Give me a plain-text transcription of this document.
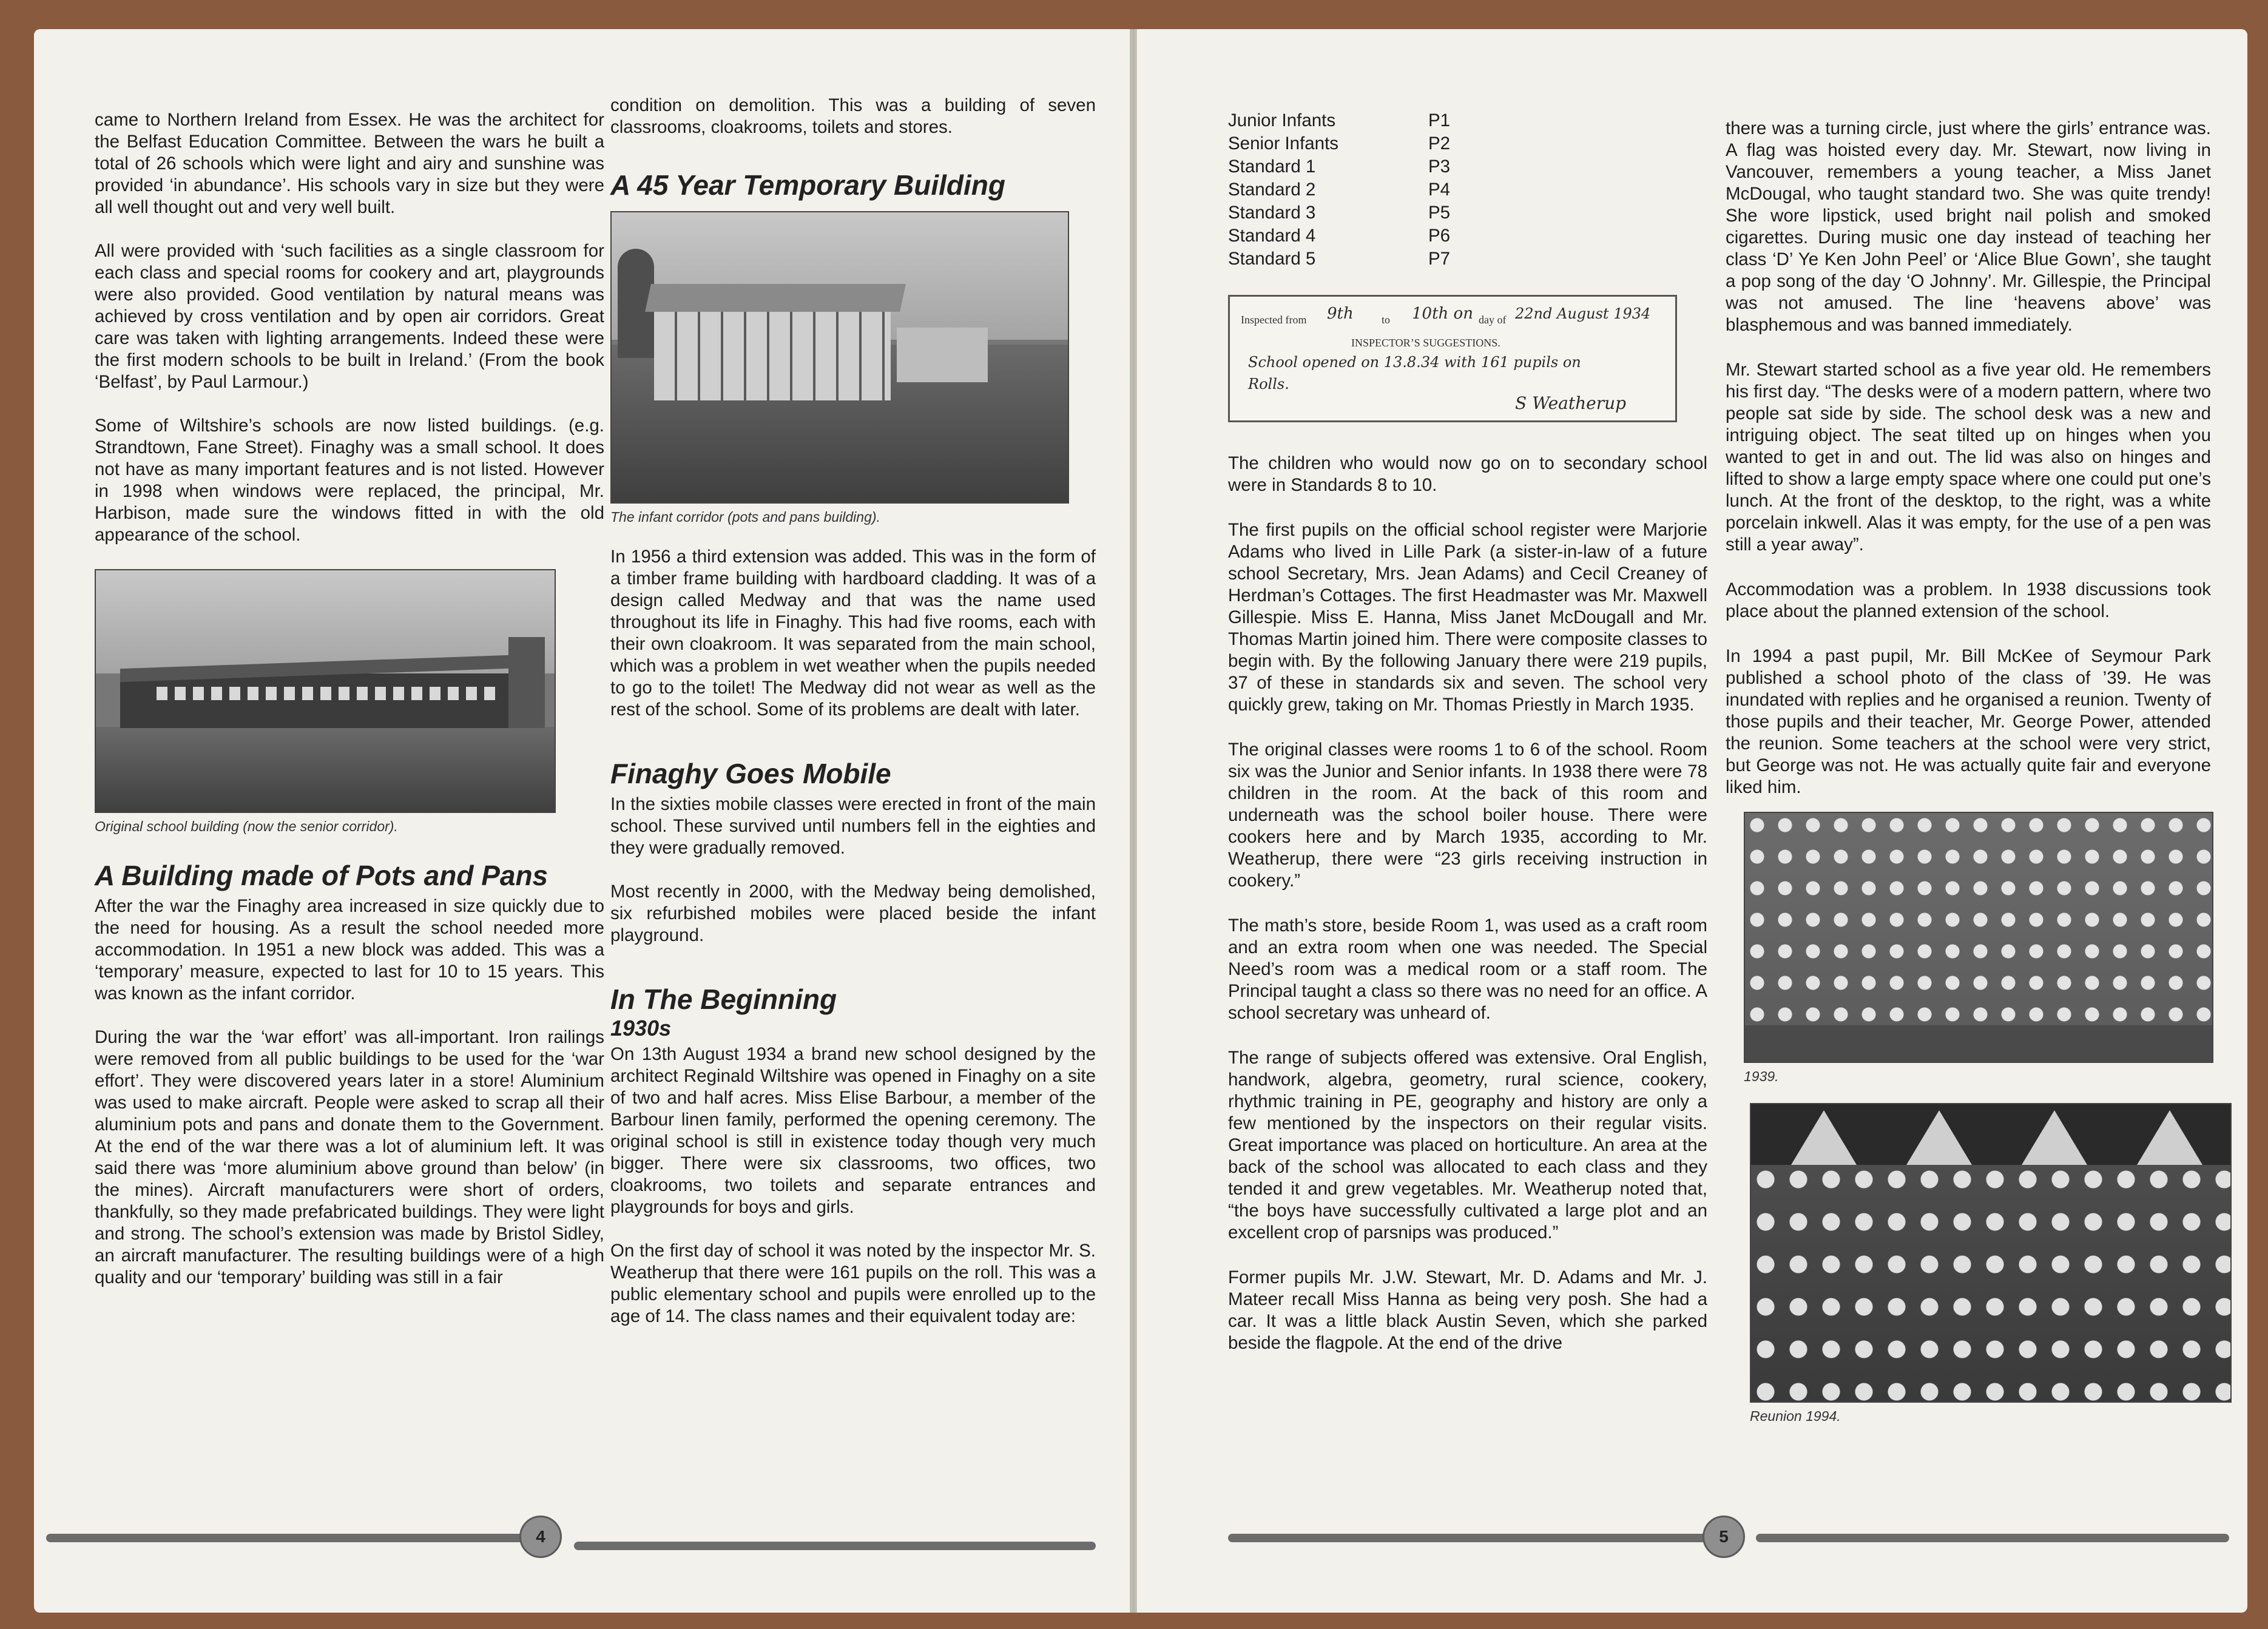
came to Northern Ireland from Essex. He was the architect for the Belfast Education Committee. Between the wars he built a total of 26 schools which were light and airy and sunshine was provided ‘in abundance’. His schools vary in size but they were all well thought out and very well built.

All were provided with ‘such facilities as a single classroom for each class and special rooms for cookery and art, playgrounds were also provided. Good ventilation by natural means was achieved by cross ventilation and by open air corridors. Great care was taken with lighting arrangements. Indeed these were the first modern schools to be built in Ireland.’ (From the book ‘Belfast’, by Paul Larmour.)

Some of Wiltshire’s schools are now listed buildings. (e.g. Strandtown, Fane Street). Finaghy was a small school. It does not have as many important features and is not listed. However in 1998 when windows were replaced, the principal, Mr. Harbison, made sure the windows fitted in with the old appearance of the school.

Original school building (now the senior corridor).
A Building made of Pots and Pans

After the war the Finaghy area increased in size quickly due to the need for housing. As a result the school needed more accommodation. In 1951 a new block was added. This was a ‘temporary’ measure, expected to last for 10 to 15 years. This was known as the infant corridor.

During the war the ‘war effort’ was all-important. Iron railings were removed from all public buildings to be used for the ‘war effort’. They were discovered years later in a store! Aluminium was used to make aircraft. People were asked to scrap all their aluminium pots and pans and donate them to the Government. At the end of the war there was a lot of aluminium left. It was said there was ‘more aluminium above ground than below’ (in the mines). Aircraft manufacturers were short of orders, thankfully, so they made prefabricated buildings. They were light and strong. The school’s extension was made by Bristol Sidley, an aircraft manufacturer. The resulting buildings were of a high quality and our ‘temporary’ building was still in a fair

condition on demolition. This was a building of seven classrooms, cloakrooms, toilets and stores.

A 45 Year Temporary Building
The infant corridor (pots and pans building).

In 1956 a third extension was added. This was in the form of a timber frame building with hardboard cladding. It was of a design called Medway and that was the name used throughout its life in Finaghy. This had five rooms, each with their own cloakroom. It was separated from the main school, which was a problem in wet weather when the pupils needed to go to the toilet! The Medway did not wear as well as the rest of the school. Some of its problems are dealt with later.

Finaghy Goes Mobile

In the sixties mobile classes were erected in front of the main school. These survived until numbers fell in the eighties and they were gradually removed.

Most recently in 2000, with the Medway being demolished, six refurbished mobiles were placed beside the infant playground.

In The Beginning
1930s

On 13th August 1934 a brand new school designed by the architect Reginald Wiltshire was opened in Finaghy on a site of two and half acres. Miss Elise Barbour, a member of the Barbour linen family, performed the opening ceremony. The original school is still in existence today though very much bigger. There were six classrooms, two offices, two cloakrooms, two toilets and separate entrances and playgrounds for boys and girls.

On the first day of school it was noted by the inspector Mr. S. Weatherup that there were 161 pupils on the roll. This was a public elementary school and pupils were enrolled up to the age of 14. The class names and their equivalent today are:

4
Junior Infants	P1
Senior Infants	P2
Standard 1	P3
Standard 2	P4
Standard 3	P5
Standard 4	P6
Standard 5	P7
Inspected from 9th	to 10th on day of 22nd August 1934
INSPECTOR’S SUGGESTIONS.
School opened on 13.8.34 with 161 pupils on
Rolls.
S Weatherup

The children who would now go on to secondary school were in Standards 8 to 10.

The first pupils on the official school register were Marjorie Adams who lived in Lille Park (a sister-in-law of a future school Secretary, Mrs. Jean Adams) and Cecil Creaney of Herdman’s Cottages. The first Headmaster was Mr. Maxwell Gillespie. Miss E. Hanna, Miss Janet McDougall and Mr. Thomas Martin joined him. There were composite classes to begin with. By the following January there were 219 pupils, 37 of these in standards six and seven. The school very quickly grew, taking on Mr. Thomas Priestly in March 1935.

The original classes were rooms 1 to 6 of the school. Room six was the Junior and Senior infants. In 1938 there were 78 children in the room. At the back of this room and underneath was the school boiler house. There were cookers here and by March 1935, according to Mr. Weatherup, there were “23 girls receiving instruction in cookery.”

The math’s store, beside Room 1, was used as a craft room and an extra room when one was needed. The Special Need’s room was a medical room or a staff room. The Principal taught a class so there was no need for an office. A school secretary was unheard of.

The range of subjects offered was extensive. Oral English, handwork, algebra, geometry, rural science, cookery, rhythmic training in PE, geography and history are only a few mentioned by the inspectors on their regular visits. Great importance was placed on horticulture. An area at the back of the school was allocated to each class and they tended it and grew vegetables. Mr. Weatherup noted that, “the boys have successfully cultivated a large plot and an excellent crop of parsnips was produced.”

Former pupils Mr. J.W. Stewart, Mr. D. Adams and Mr. J. Mateer recall Miss Hanna as being very posh. She had a car. It was a little black Austin Seven, which she parked beside the flagpole. At the end of the drive

there was a turning circle, just where the girls’ entrance was. A flag was hoisted every day. Mr. Stewart, now living in Vancouver, remembers a young teacher, a Miss Janet McDougal, who taught standard two. She was quite trendy! She wore lipstick, used bright nail polish and smoked cigarettes. During music one day instead of teaching her class ‘D’ Ye Ken John Peel’ or ‘Alice Blue Gown’, she taught a pop song of the day ‘O Johnny’. Mr. Gillespie, the Principal was not amused. The line ‘heavens above’ was blasphemous and was banned immediately.

Mr. Stewart started school as a five year old. He remembers his first day. “The desks were of a modern pattern, where two people sat side by side. The school desk was a new and intriguing object. The seat tilted up on hinges when you wanted to get in and out. The lid was also on hinges and lifted to show a large empty space where one could put one’s lunch. At the front of the desktop, to the right, was a white porcelain inkwell. Alas it was empty, for the use of a pen was still a year away”.

Accommodation was a problem. In 1938 discussions took place about the planned extension of the school.

In 1994 a past pupil, Mr. Bill McKee of Seymour Park published a school photo of the class of ’39. He was inundated with replies and he organised a reunion. Twenty of those pupils and their teacher, Mr. George Power, attended the reunion. Some teachers at the school were very strict, but George was not. He was actually quite fair and everyone liked him.

1939.
Reunion 1994.
5
